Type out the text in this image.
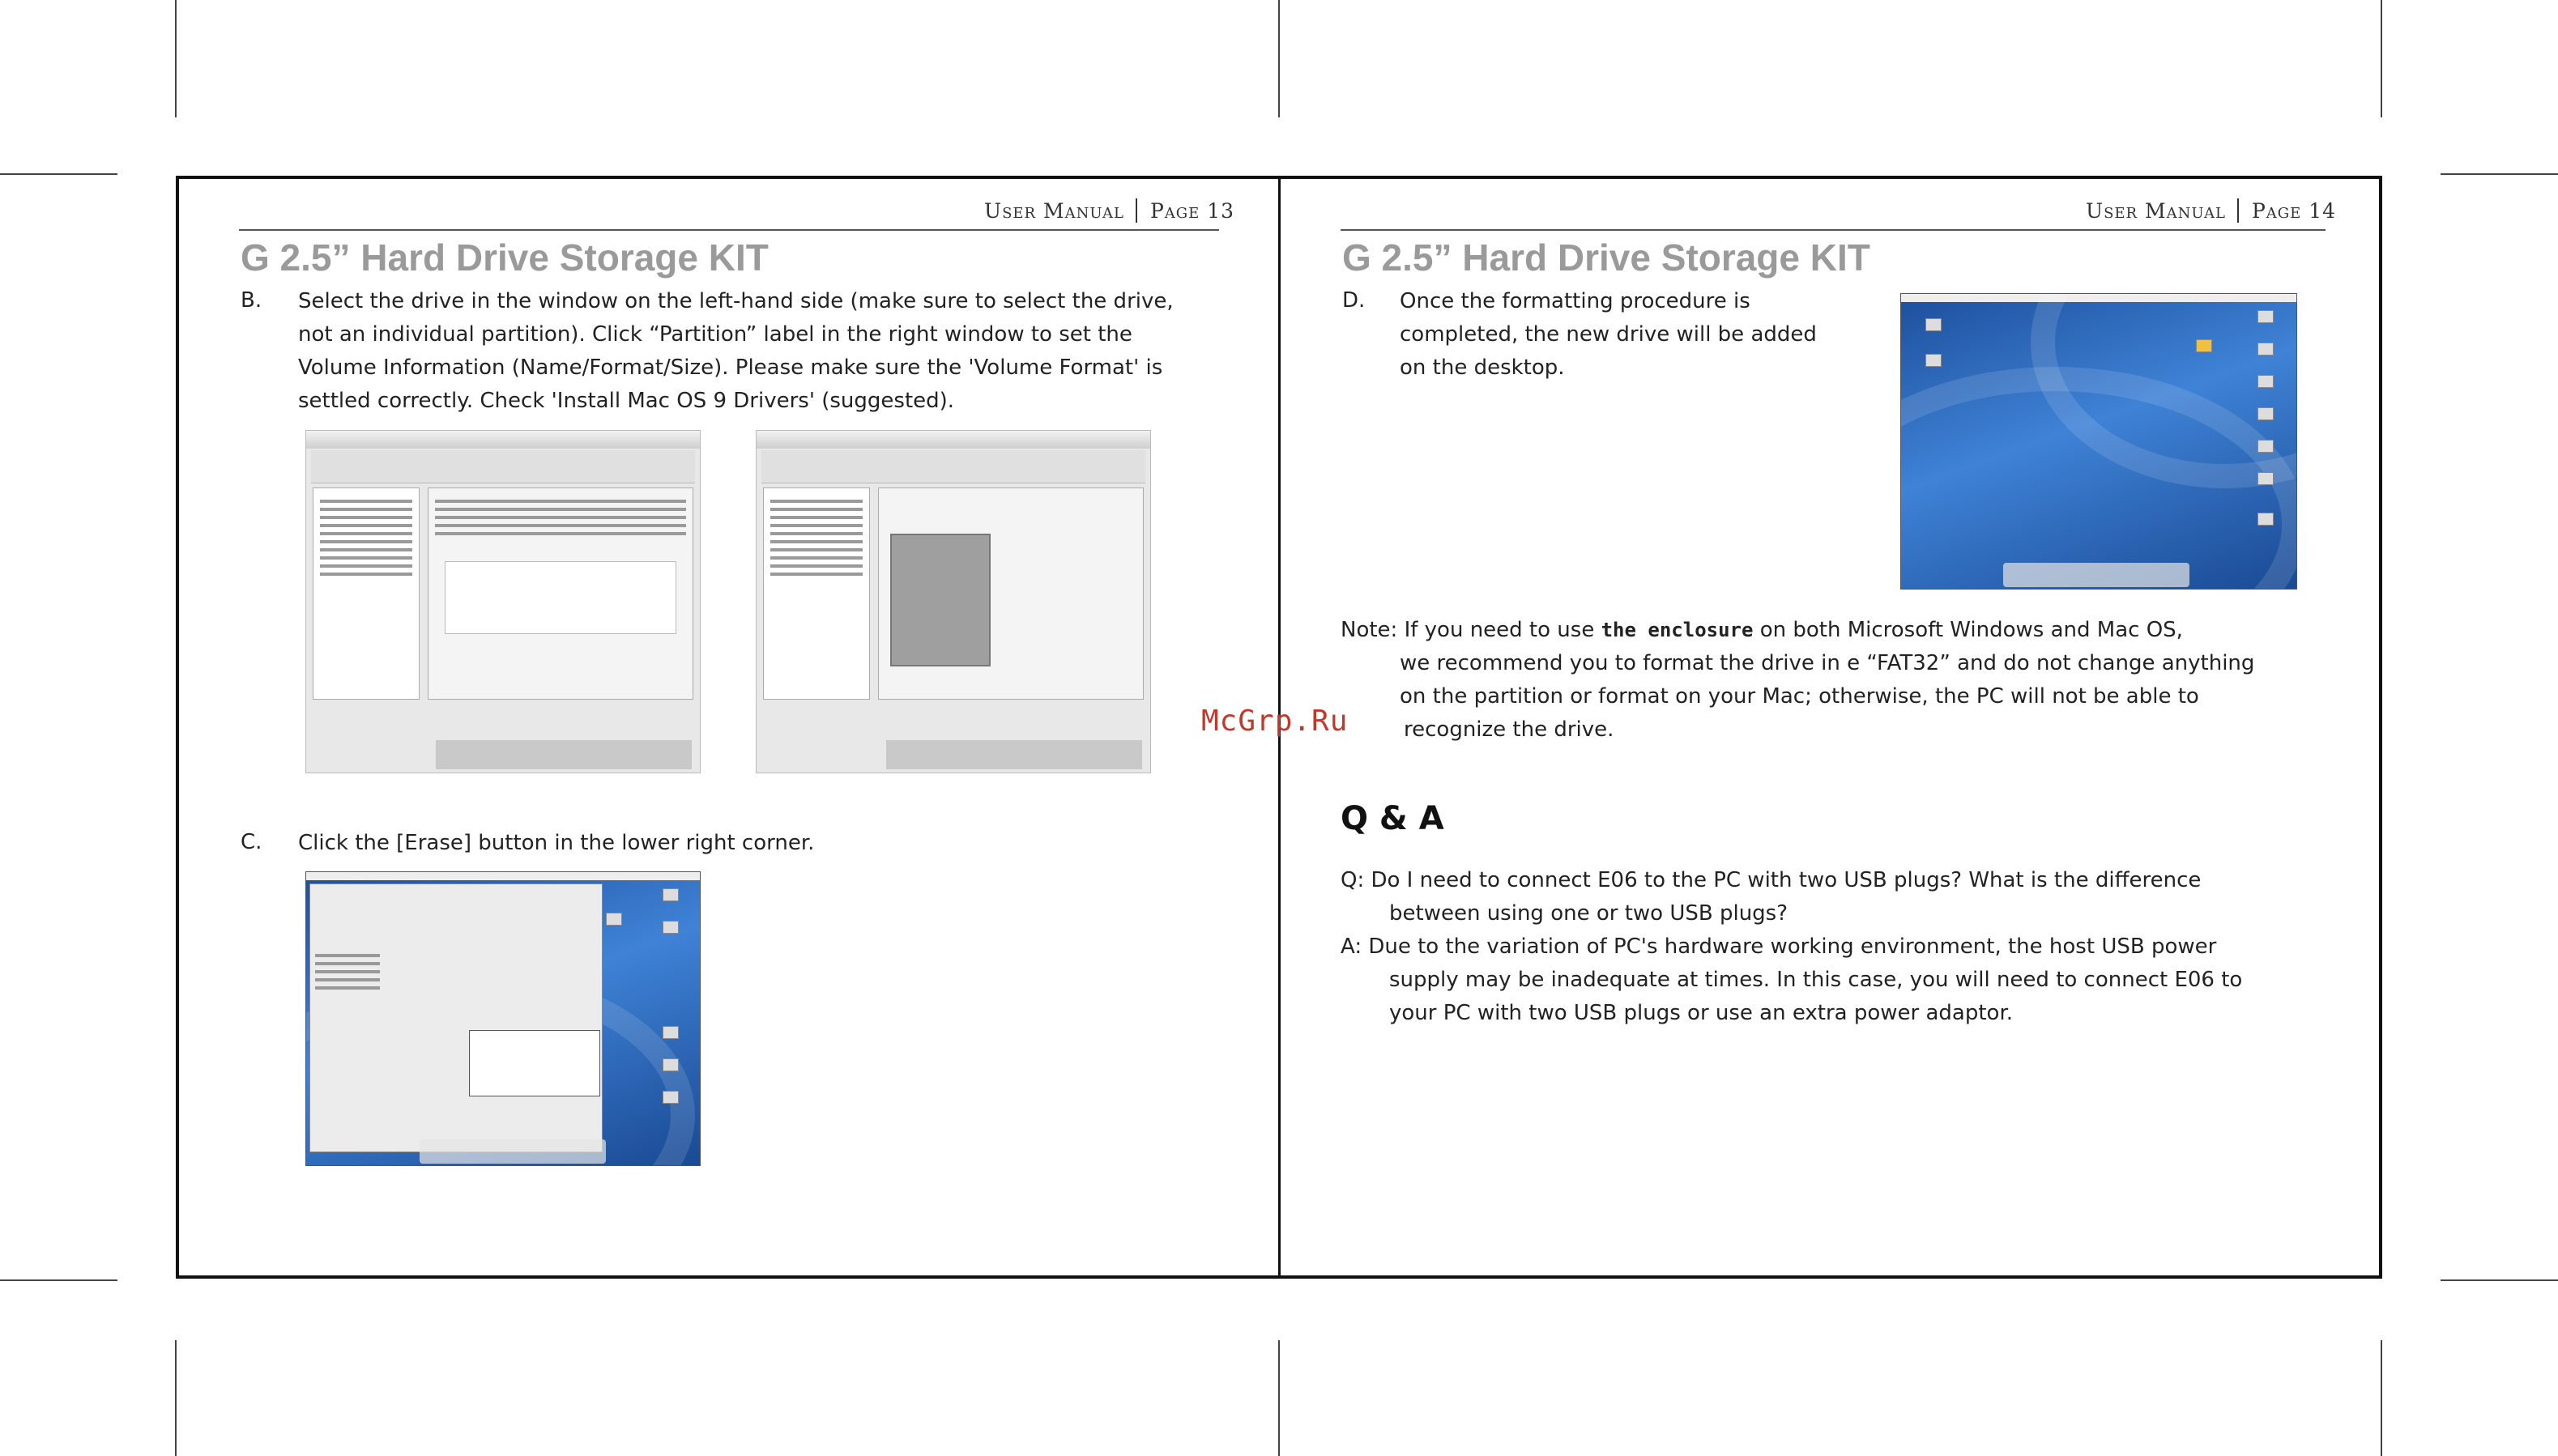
User Manual Page 13
G 2.5” Hard Drive Storage KIT
B. Select the drive in the window on the left-hand side (make sure to select the drive,
not an individual partition). Click “Partition” label in the right window to set the
Volume Information (Name/Format/Size). Please make sure the 'Volume Format' is
settled correctly. Check 'Install Mac OS 9 Drivers' (suggested).
C. Click the [Erase] button in the lower right corner.
McGrp.Ru
User Manual Page 14
G 2.5” Hard Drive Storage KIT
D. Once the formatting procedure is
completed, the new drive will be added
on the desktop.
Note: If you need to use the enclosure on both Microsoft Windows and Mac OS,
we recommend you to format the drive in e “FAT32” and do not change anything
on the partition or format on your Mac; otherwise, the PC will not be able to
recognize the drive.
Q & A
Q: Do I need to connect E06 to the PC with two USB plugs? What is the difference
between using one or two USB plugs?
A: Due to the variation of PC's hardware working environment, the host USB power
supply may be inadequate at times. In this case, you will need to connect E06 to
your PC with two USB plugs or use an extra power adaptor.
